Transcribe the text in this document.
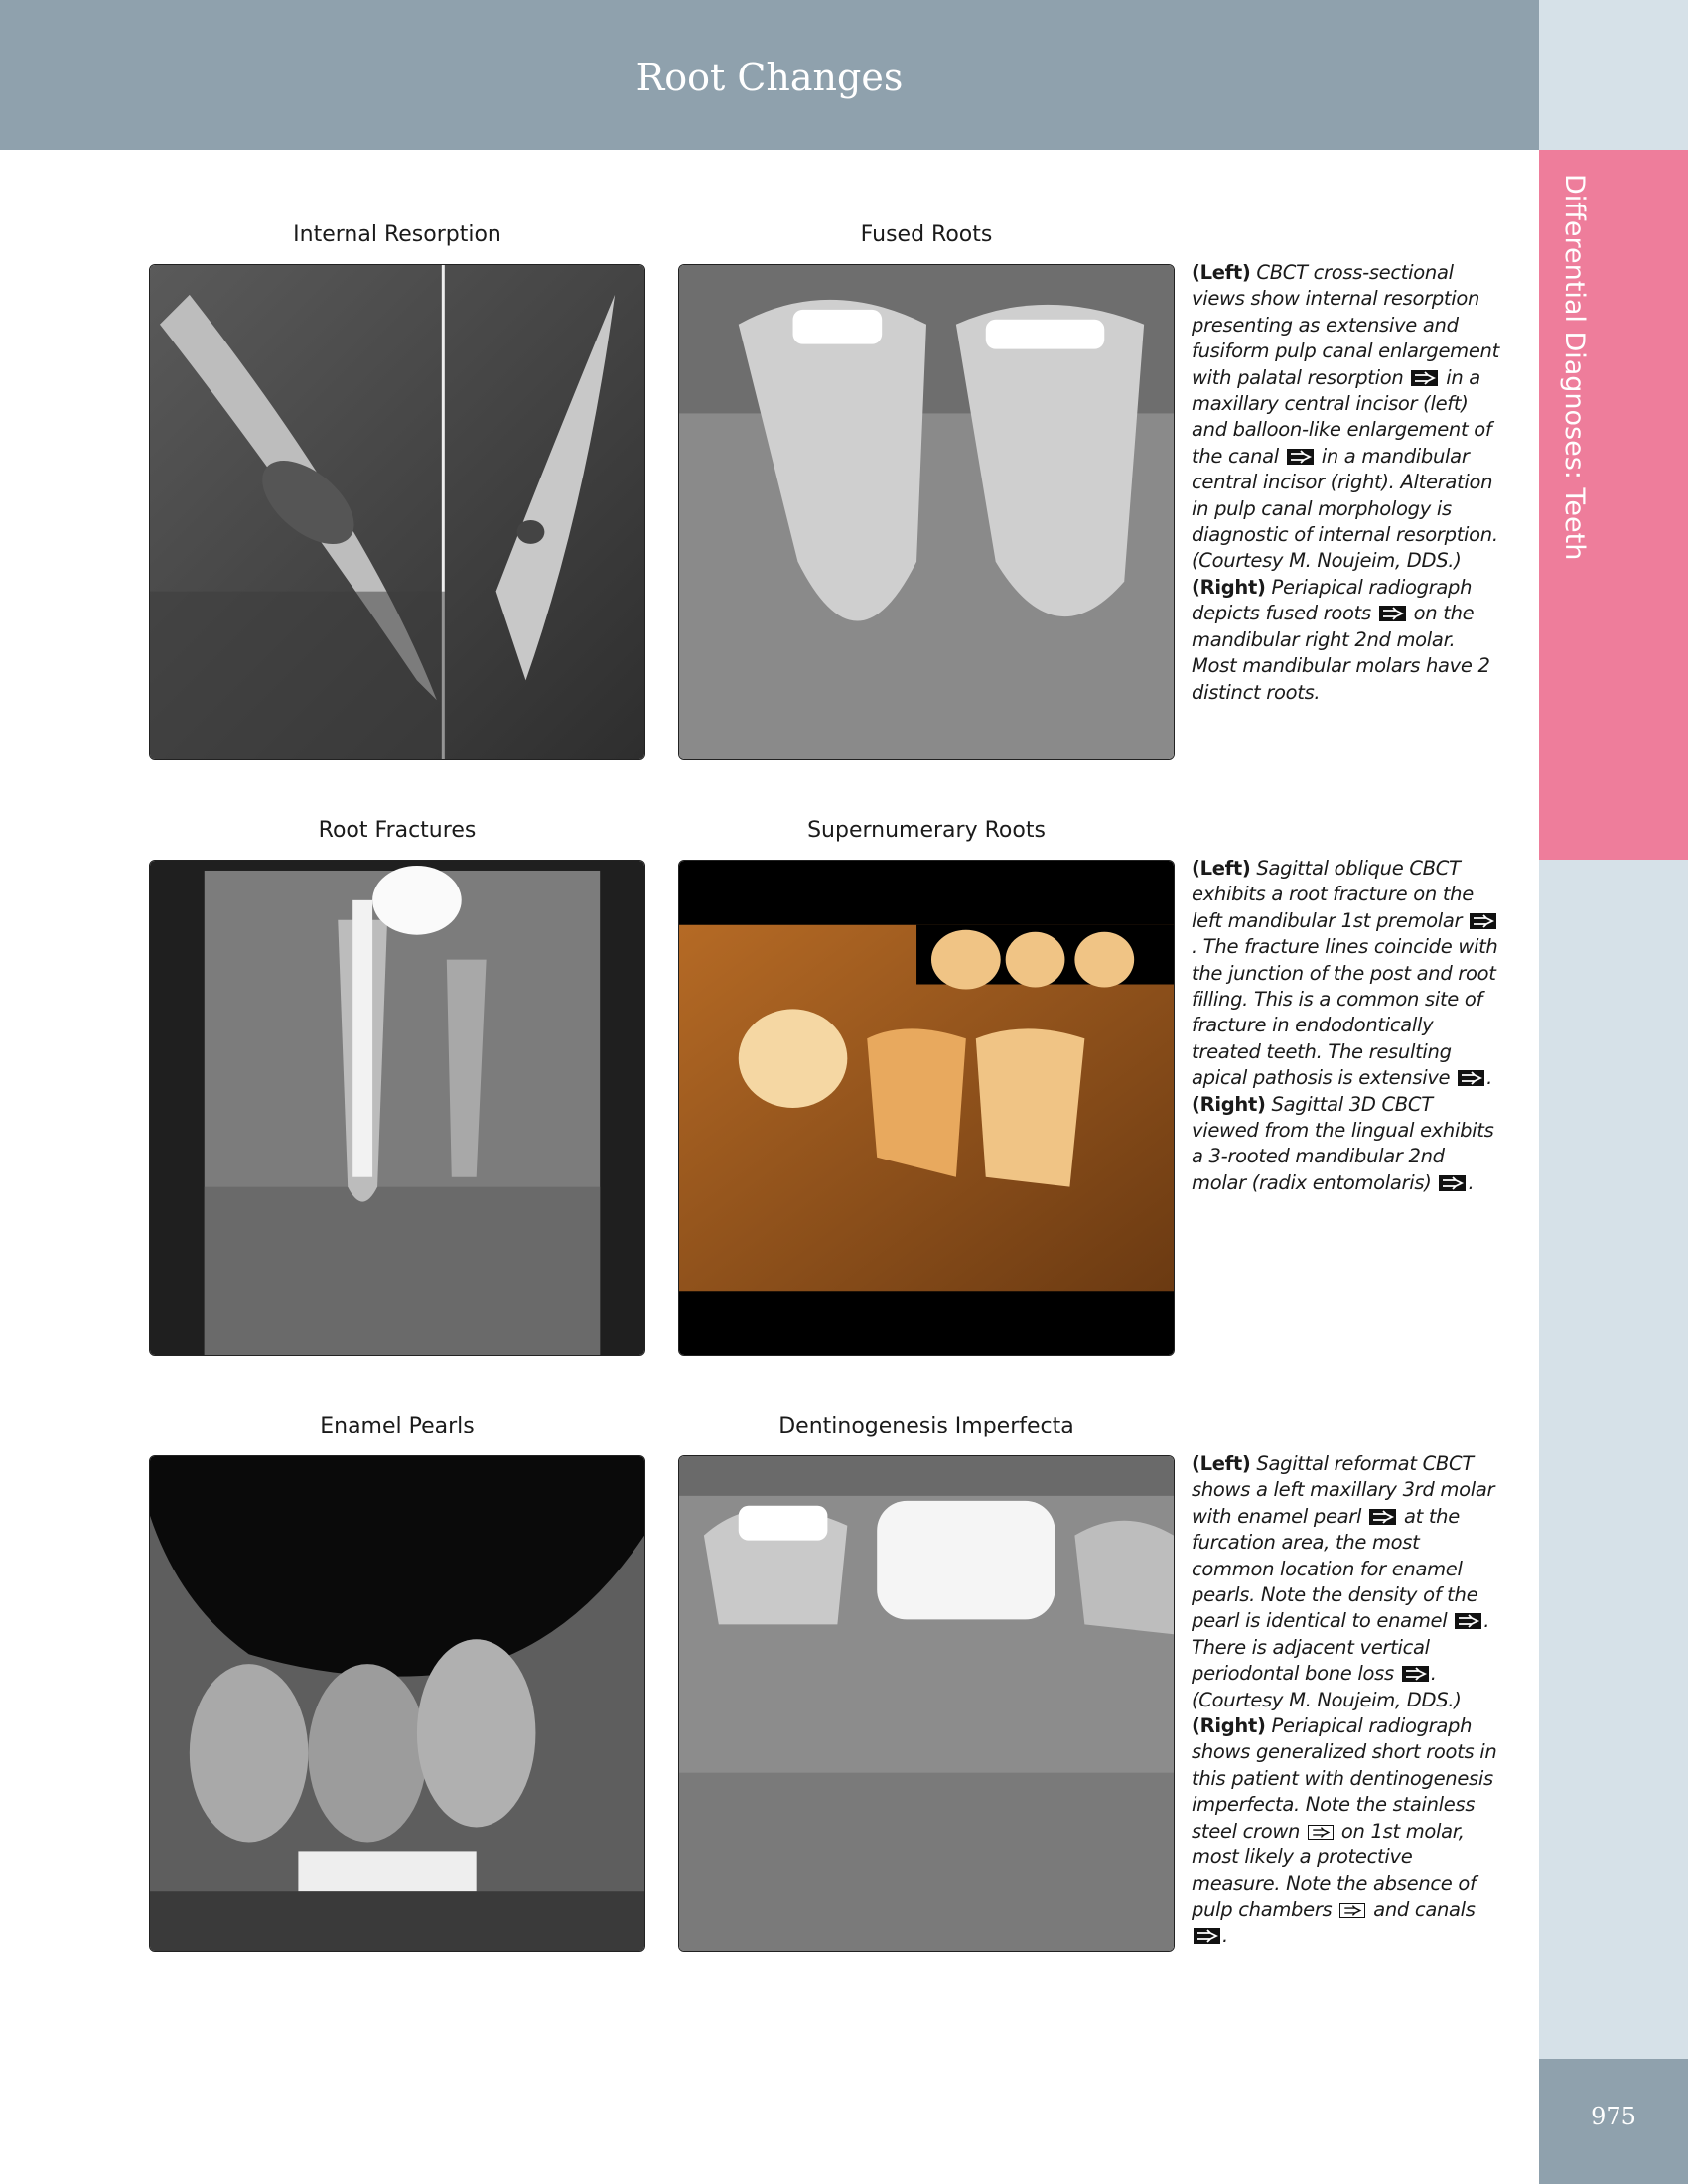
Root Changes
Differential Diagnoses: Teeth
975
Internal Resorption	Fused Roots
(Left) CBCT cross-sectional views show internal resorption presenting as extensive and fusiform pulp canal enlargement with palatal resorption
in a maxillary central incisor (left) and balloon-like enlargement of the canal
in a mandibular central incisor (right). Alteration in pulp canal morphology is diagnostic of internal resorption. (Courtesy M. Noujeim, DDS.) (Right) Periapical radiograph depicts fused roots
on the mandibular right 2nd molar. Most mandibular molars have 2 distinct roots.
Root Fractures	Supernumerary Roots
(Left) Sagittal oblique CBCT exhibits a root fracture on the left mandibular 1st premolar
. The fracture lines coincide with the junction of the post and root filling. This is a common site of fracture in endodontically treated teeth. The resulting apical pathosis is extensive
. (Right) Sagittal 3D CBCT viewed from the lingual exhibits a 3-rooted mandibular 2nd molar (radix entomolaris)
.
Enamel Pearls	Dentinogenesis Imperfecta
(Left) Sagittal reformat CBCT shows a left maxillary 3rd molar with enamel pearl
at the furcation area, the most common location for enamel pearls. Note the density of the pearl is identical to enamel
. There is adjacent vertical periodontal bone loss
. (Courtesy M. Noujeim, DDS.) (Right) Periapical radiograph shows generalized short roots in this patient with dentinogenesis imperfecta. Note the stainless steel crown
on 1st molar, most likely a protective measure. Note the absence of pulp chambers
and canals
.
